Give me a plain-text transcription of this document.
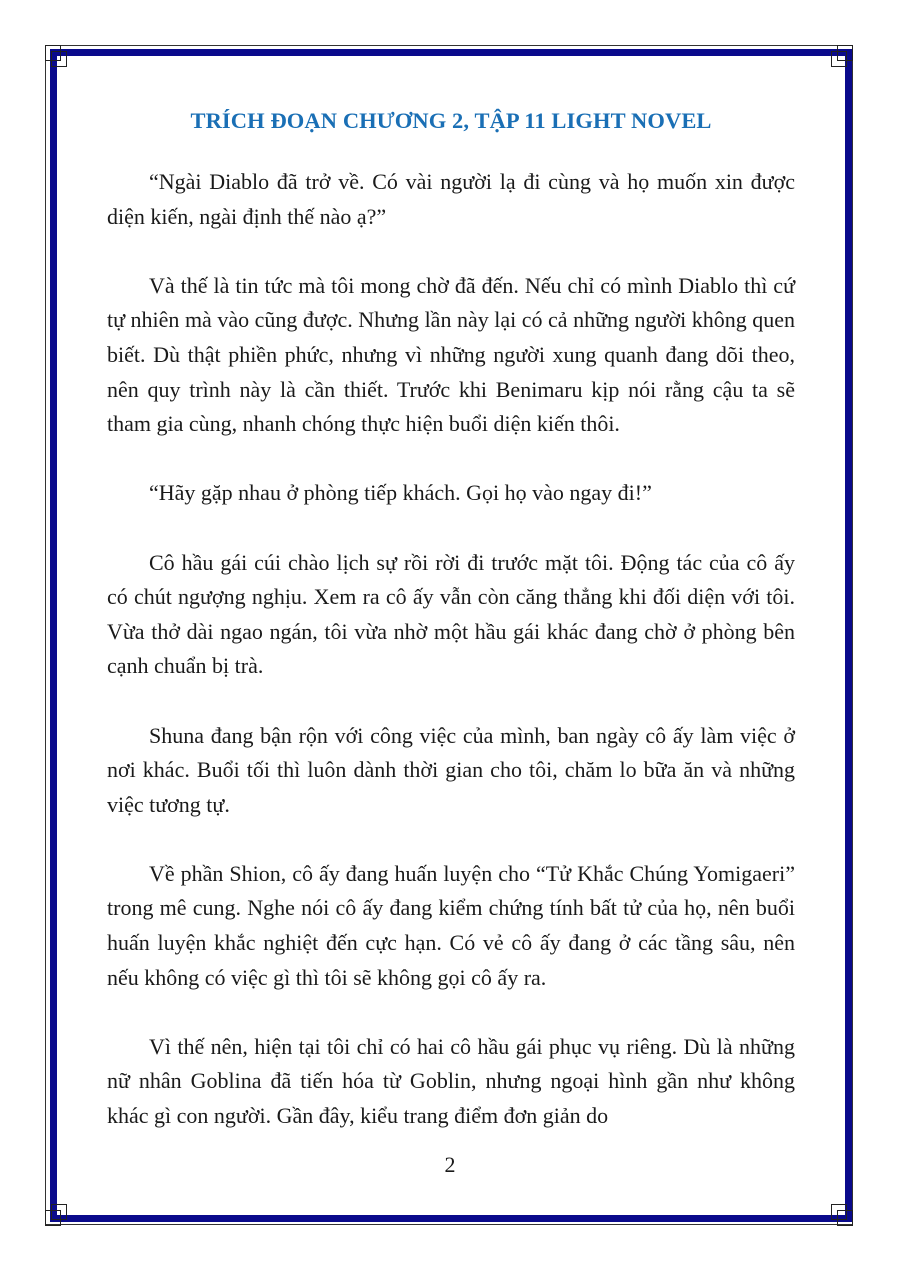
TRÍCH ĐOẠN CHƯƠNG 2, TẬP 11 LIGHT NOVEL

“Ngài Diablo đã trở về. Có vài người lạ đi cùng và họ muốn xin được diện kiến, ngài định thế nào ạ?”

Và thế là tin tức mà tôi mong chờ đã đến. Nếu chỉ có mình Diablo thì cứ tự nhiên mà vào cũng được. Nhưng lần này lại có cả những người không quen biết. Dù thật phiền phức, nhưng vì những người xung quanh đang dõi theo, nên quy trình này là cần thiết. Trước khi Benimaru kịp nói rằng cậu ta sẽ tham gia cùng, nhanh chóng thực hiện buổi diện kiến thôi.

“Hãy gặp nhau ở phòng tiếp khách. Gọi họ vào ngay đi!”

Cô hầu gái cúi chào lịch sự rồi rời đi trước mặt tôi. Động tác của cô ấy có chút ngượng nghịu. Xem ra cô ấy vẫn còn căng thẳng khi đối diện với tôi. Vừa thở dài ngao ngán, tôi vừa nhờ một hầu gái khác đang chờ ở phòng bên cạnh chuẩn bị trà.

Shuna đang bận rộn với công việc của mình, ban ngày cô ấy làm việc ở nơi khác. Buổi tối thì luôn dành thời gian cho tôi, chăm lo bữa ăn và những việc tương tự.

Về phần Shion, cô ấy đang huấn luyện cho “Tử Khắc Chúng Yomigaeri” trong mê cung. Nghe nói cô ấy đang kiểm chứng tính bất tử của họ, nên buổi huấn luyện khắc nghiệt đến cực hạn. Có vẻ cô ấy đang ở các tầng sâu, nên nếu không có việc gì thì tôi sẽ không gọi cô ấy ra.

Vì thế nên, hiện tại tôi chỉ có hai cô hầu gái phục vụ riêng. Dù là những nữ nhân Goblina đã tiến hóa từ Goblin, nhưng ngoại hình gần như không khác gì con người. Gần đây, kiểu trang điểm đơn giản do

2
